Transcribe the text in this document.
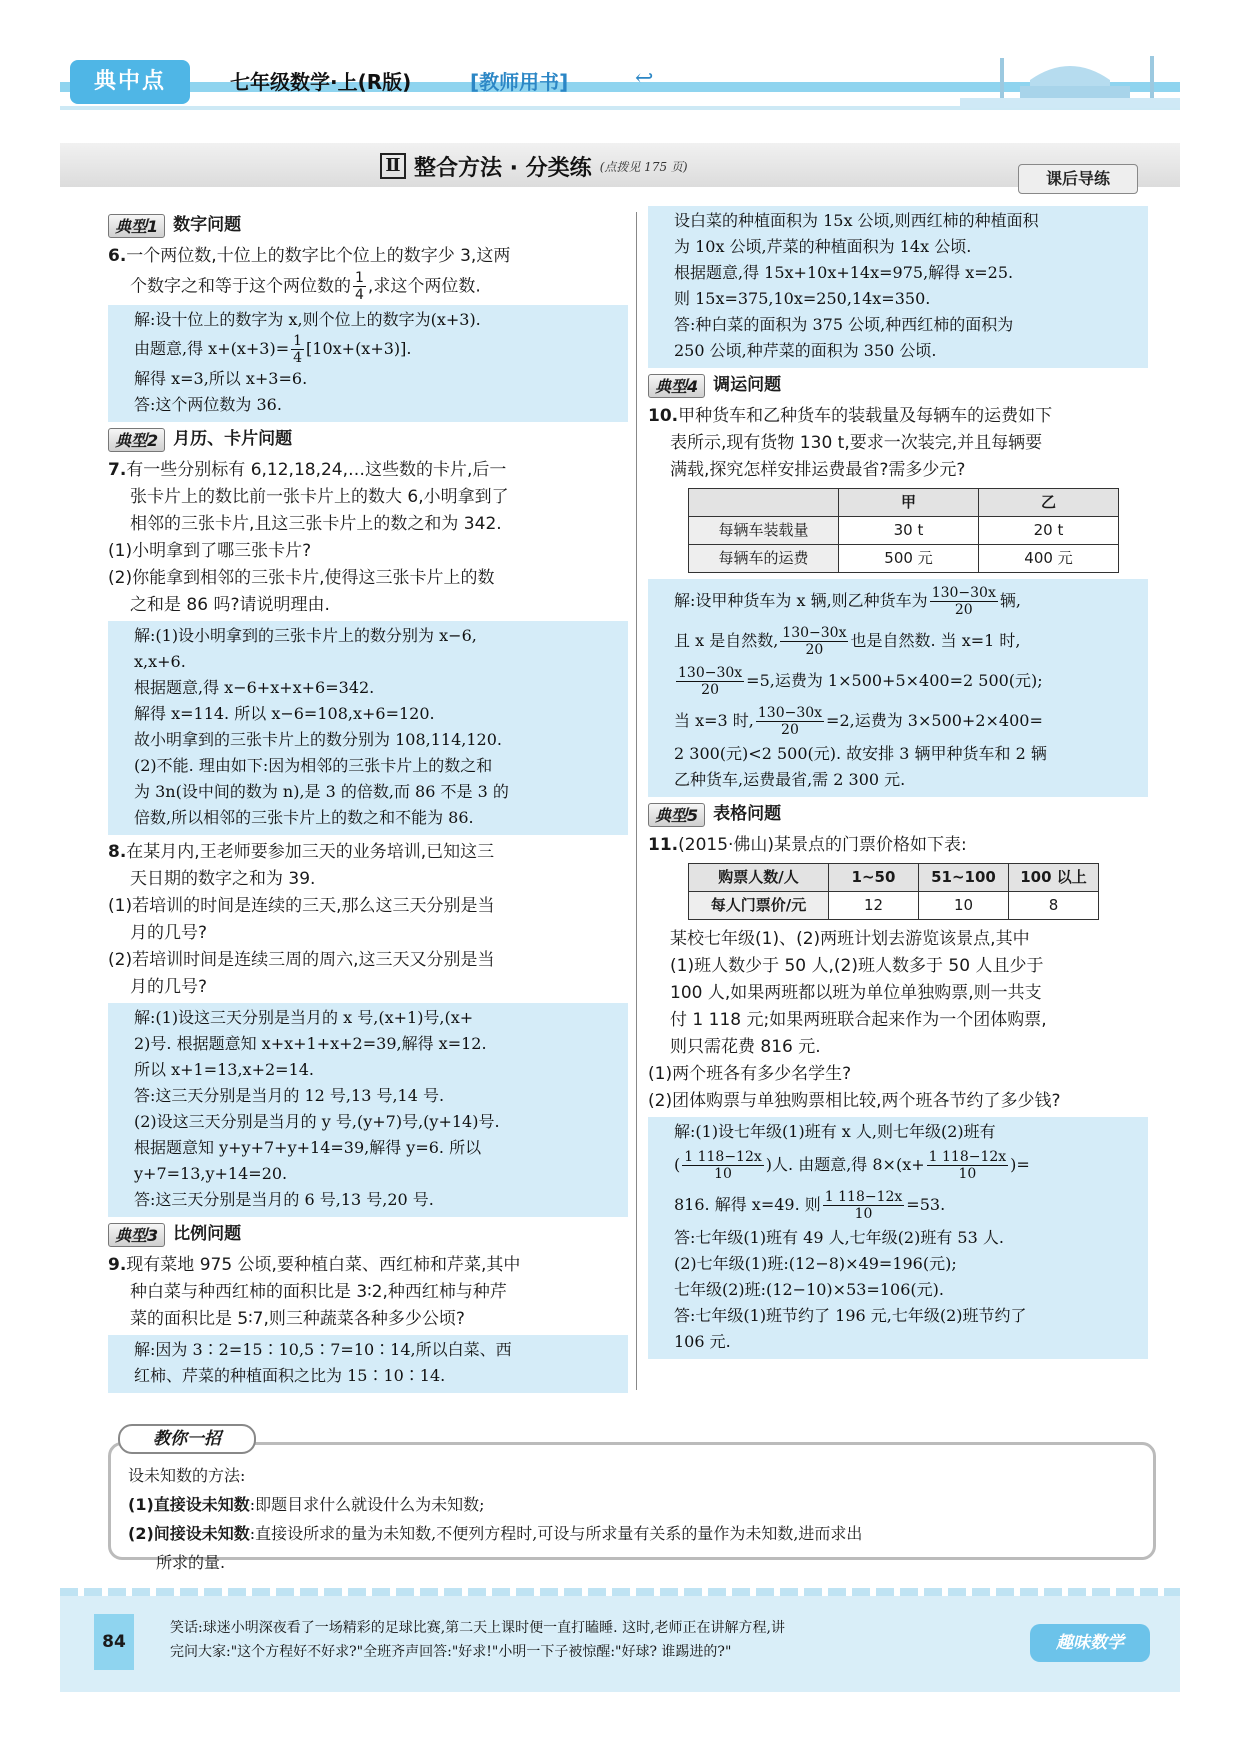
典中点	七年级数学·上(R版)	[教师用书]	↩
Ⅱ 整合方法 · 分类练 (点拨见 175 页)
课后导练
典型1 数字问题
6.一个两位数,十位上的数字比个位上的数字少 3,这两
个数字之和等于这个两位数的 $\frac{1}{4}$ ,求这个两位数.
解:设十位上的数字为 x,则个位上的数字为(x+3).
由题意,得 $x+(x+3)= \frac{1}{4} [10x+(x+3)]$.
解得 x=3,所以 x+3=6.
答:这个两位数为 36.
典型2 月历、卡片问题
7.有一些分别标有 6,12,18,24,…这些数的卡片,后一
张卡片上的数比前一张卡片上的数大 6,小明拿到了
相邻的三张卡片,且这三张卡片上的数之和为 342.
(1)小明拿到了哪三张卡片?
(2)你能拿到相邻的三张卡片,使得这三张卡片上的数
之和是 86 吗?请说明理由.
解:(1)设小明拿到的三张卡片上的数分别为 x−6,
x,x+6.
根据题意,得 x−6+x+x+6=342.
解得 x=114. 所以 x−6=108,x+6=120.
故小明拿到的三张卡片上的数分别为 108,114,120.
(2)不能. 理由如下:因为相邻的三张卡片上的数之和
为 3n(设中间的数为 n),是 3 的倍数,而 86 不是 3 的
倍数,所以相邻的三张卡片上的数之和不能为 86.
8.在某月内,王老师要参加三天的业务培训,已知这三
天日期的数字之和为 39.
(1)若培训的时间是连续的三天,那么这三天分别是当
月的几号?
(2)若培训时间是连续三周的周六,这三天又分别是当
月的几号?
解:(1)设这三天分别是当月的 x 号,(x+1)号,(x+
2)号. 根据题意知 x+x+1+x+2=39,解得 x=12.
所以 x+1=13,x+2=14.
答:这三天分别是当月的 12 号,13 号,14 号.
(2)设这三天分别是当月的 y 号,(y+7)号,(y+14)号.
根据题意知 y+y+7+y+14=39,解得 y=6. 所以
y+7=13,y+14=20.
答:这三天分别是当月的 6 号,13 号,20 号.
典型3 比例问题
9.现有菜地 975 公顷,要种植白菜、西红柿和芹菜,其中
种白菜与种西红柿的面积比是 3∶2,种西红柿与种芹
菜的面积比是 5∶7,则三种蔬菜各种多少公顷?
解:因为 3∶2=15∶10,5∶7=10∶14,所以白菜、西
红柿、芹菜的种植面积之比为 15∶10∶14.
设白菜的种植面积为 15x 公顷,则西红柿的种植面积
为 10x 公顷,芹菜的种植面积为 14x 公顷.
根据题意,得 15x+10x+14x=975,解得 x=25.
则 15x=375,10x=250,14x=350.
答:种白菜的面积为 375 公顷,种西红柿的面积为
250 公顷,种芹菜的面积为 350 公顷.
典型4 调运问题
10.甲种货车和乙种货车的装载量及每辆车的运费如下
表所示,现有货物 130 t,要求一次装完,并且每辆要
满载,探究怎样安排运费最省?需多少元?
	甲	乙
每辆车装载量	30 t	20 t
每辆车的运费	500 元	400 元
解:设甲种货车为 x 辆,则乙种货车为 $\frac{130-30x}{20}$ 辆,
且 x 是自然数, $\frac{130-30x}{20}$ 也是自然数. 当 x=1 时,
$\frac{130-30x}{20} =5$,运费为 1×500+5×400=2 500(元);
当 x=3 时, $\frac{130-30x}{20} =2$,运费为 3×500+2×400=
2 300(元)<2 500(元). 故安排 3 辆甲种货车和 2 辆
乙种货车,运费最省,需 2 300 元.
典型5 表格问题
11.(2015·佛山)某景点的门票价格如下表:
购票人数/人	1~50	51~100	100 以上
每人门票价/元	12	10	8
某校七年级(1)、(2)两班计划去游览该景点,其中
(1)班人数少于 50 人,(2)班人数多于 50 人且少于
100 人,如果两班都以班为单位单独购票,则一共支
付 1 118 元;如果两班联合起来作为一个团体购票,
则只需花费 816 元.
(1)两个班各有多少名学生?
(2)团体购票与单独购票相比较,两个班各节约了多少钱?
解:(1)设七年级(1)班有 x 人,则七年级(2)班有
( $\frac{1 118-12x}{10}$ )人. 由题意,得 $8\times(x+ \frac{1 118-12x}{10}$ )=
816. 解得 x=49. 则 $\frac{1 118-12x}{10} =53$.
答:七年级(1)班有 49 人,七年级(2)班有 53 人.
(2)七年级(1)班:(12−8)×49=196(元);
七年级(2)班:(12−10)×53=106(元).
答:七年级(1)班节约了 196 元,七年级(2)班节约了
106 元.
教你一招
设未知数的方法:
(1)直接设未知数:即题目求什么就设什么为未知数;
(2)间接设未知数:直接设所求的量为未知数,不便列方程时,可设与所求量有关系的量作为未知数,进而求出
所求的量.
84
笑话:球迷小明深夜看了一场精彩的足球比赛,第二天上课时便一直打瞌睡. 这时,老师正在讲解方程,讲
完问大家:"这个方程好不好求?"全班齐声回答:"好求!"小明一下子被惊醒:"好球? 谁踢进的?"	趣味数学
